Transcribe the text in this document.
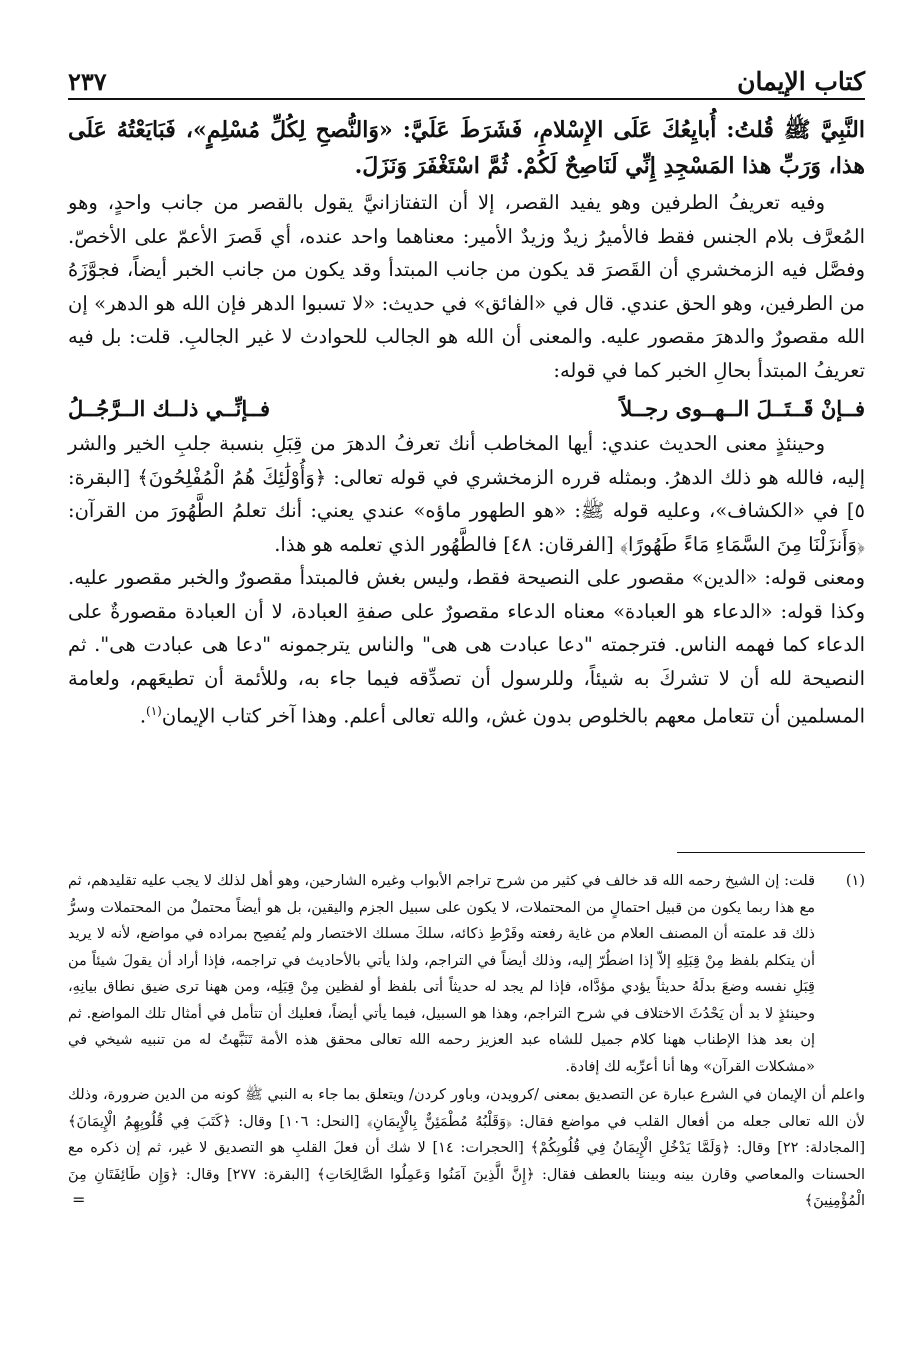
كتاب الإيمان
٢٣٧

النَّبِيَّ ﷺ قُلتُ: أُبايِعُكَ عَلَى الإِسْلامِ، فَشَرَطَ عَلَيَّ: «وَالنُّصحِ لِكُلِّ مُسْلِمٍ»، فَبَايَعْتُهُ عَلَى هذا، وَرَبِّ هذا المَسْجِدِ إِنِّي لَنَاصِحٌ لَكُمْ. ثُمَّ اسْتَغْفَرَ وَنَزَلَ.

وفيه تعريفُ الطرفين وهو يفيد القصر، إلا أن التفتازانيَّ يقول بالقصر من جانب واحدٍ، وهو المُعرَّف بلام الجنس فقط فالأميرُ زيدٌ وزيدٌ الأمير: معناهما واحد عنده، أي قَصرَ الأعمّ على الأخصّ. وفصَّل فيه الزمخشري أن القَصرَ قد يكون من جانب المبتدأ وقد يكون من جانب الخبر أيضاً، فجوَّزَهُ من الطرفين، وهو الحق عندي. قال في «الفائق» في حديث: «لا تسبوا الدهر فإن الله هو الدهر» إن الله مقصورٌ والدهرَ مقصور عليه. والمعنى أن الله هو الجالب للحوادث لا غير الجالبِ. قلت: بل فيه تعريفُ المبتدأ بحالِ الخبر كما في قوله:

فــإنْ قَــتَــلَ الــهــوى رجــلاً
فــإنِّــي ذلــك الــرَّجُــلُ

وحينئذٍ معنى الحديث عندي: أيها المخاطب أنك تعرفُ الدهرَ من قِبَلِ بنسبة جلبِ الخير والشر إليه، فالله هو ذلك الدهرُ. وبمثله قرره الزمخشري في قوله تعالى: ﴿وَأُوْلَٰئِكَ هُمُ الْمُفْلِحُونَ﴾ [البقرة: ٥] في «الكشاف»، وعليه قوله ﷺ: «هو الطهور ماؤه» عندي يعني: أنك تعلمُ الطَّهُورَ من القرآن: ﴿وَأَنزَلْنَا مِنَ السَّمَاءِ مَاءً طَهُورًا﴾ [الفرقان: ٤٨] فالطَّهُور الذي تعلمه هو هذا.

ومعنى قوله: «الدين» مقصور على النصيحة فقط، وليس بغش فالمبتدأ مقصورٌ والخبر مقصور عليه. وكذا قوله: «الدعاء هو العبادة» معناه الدعاء مقصورٌ على صفةِ العبادة، لا أن العبادة مقصورةٌ على الدعاء كما فهمه الناس. فترجمته "دعا عبادت هى هى" والناس يترجمونه "دعا هى عبادت هى". ثم النصيحة لله أن لا تشركَ به شيئاً، وللرسول أن تصدِّقه فيما جاء به، وللأئمة أن تطيعَهم، ولعامة المسلمين أن تتعامل معهم بالخلوص بدون غش، والله تعالى أعلم. وهذا آخر كتاب الإيمان$^{(١)}$.

(١)
قلت: إن الشيخ رحمه الله قد خالف في كثير من شرح تراجم الأبواب وغيره الشارحين، وهو أهل لذلك لا يجب عليه تقليدهم، ثم مع هذا ربما يكون من قبيل احتمالٍ من المحتملات، لا يكون على سبيل الجزم واليقين، بل هو أيضاً محتملٌ من المحتملات وسرُّ ذلك قد علمته أن المصنف العلام من غاية رفعته وفَرْطِ ذكائه، سلكَ مسلك الاختصار ولم يُفصِح بمراده في مواضع، لأنه لا يريد أن يتكلم بلفظ مِنْ قِبَلِهِ إلاّ إذا اضطُرّ إليه، وذلك أيضاً في التراجم، ولذا يأتي بالأحاديث في تراجمه، فإذا أراد أن يقولَ شيئاً من قِبَلِ نفسه وضعَ بدلَهُ حديثاً يؤدي مؤدَّاه، فإذا لم يجد له حديثاً أتى بلفظ أو لفظين مِنْ قِبَلِه، ومن ههنا ترى ضيق نطاق بيانِهِ، وحينئذٍ لا بد أن يَحْدُثَ الاختلاف في شرح التراجم، وهذا هو السبيل، فيما يأتي أيضاً، فعليك أن تتأمل في أمثال تلك المواضع. ثم إن بعد هذا الإطناب ههنا كلام جميل للشاه عبد العزيز رحمه الله تعالى محقق هذه الأمة تَنَبَّهتُ له من تنبيه شيخي في «مشكلات القرآن» وها أنا أعرِّبه لك إفادة.

واعلم أن الإيمان في الشرع عبارة عن التصديق بمعنى /كرويدن، وباور كردن/ ويتعلق بما جاء به النبي ﷺ كونه من الدين ضرورة، وذلك لأن الله تعالى جعله من أفعال القلب في مواضع فقال: ﴿وَقَلْبُهُ مُطْمَئِنٌّ بِالْإِيمَانِ﴾ [النحل: ١٠٦] وقال: ﴿كَتَبَ فِي قُلُوبِهِمُ الْإِيمَانَ﴾ [المجادلة: ٢٢] وقال: ﴿وَلَمَّا يَدْخُلِ الْإِيمَانُ فِي قُلُوبِكُمْ﴾ [الحجرات: ١٤] لا شك أن فعلَ القلبِ هو التصديق لا غير، ثم إن ذكره مع الحسنات والمعاصي وقارن بينه وبيننا بالعطف فقال: ﴿إِنَّ الَّذِينَ آمَنُوا وَعَمِلُوا الصَّالِحَاتِ﴾ [البقرة: ٢٧٧] وقال: ﴿وَإِن طَائِفَتَانِ مِنَ الْمُؤْمِنِينَ﴾

=
